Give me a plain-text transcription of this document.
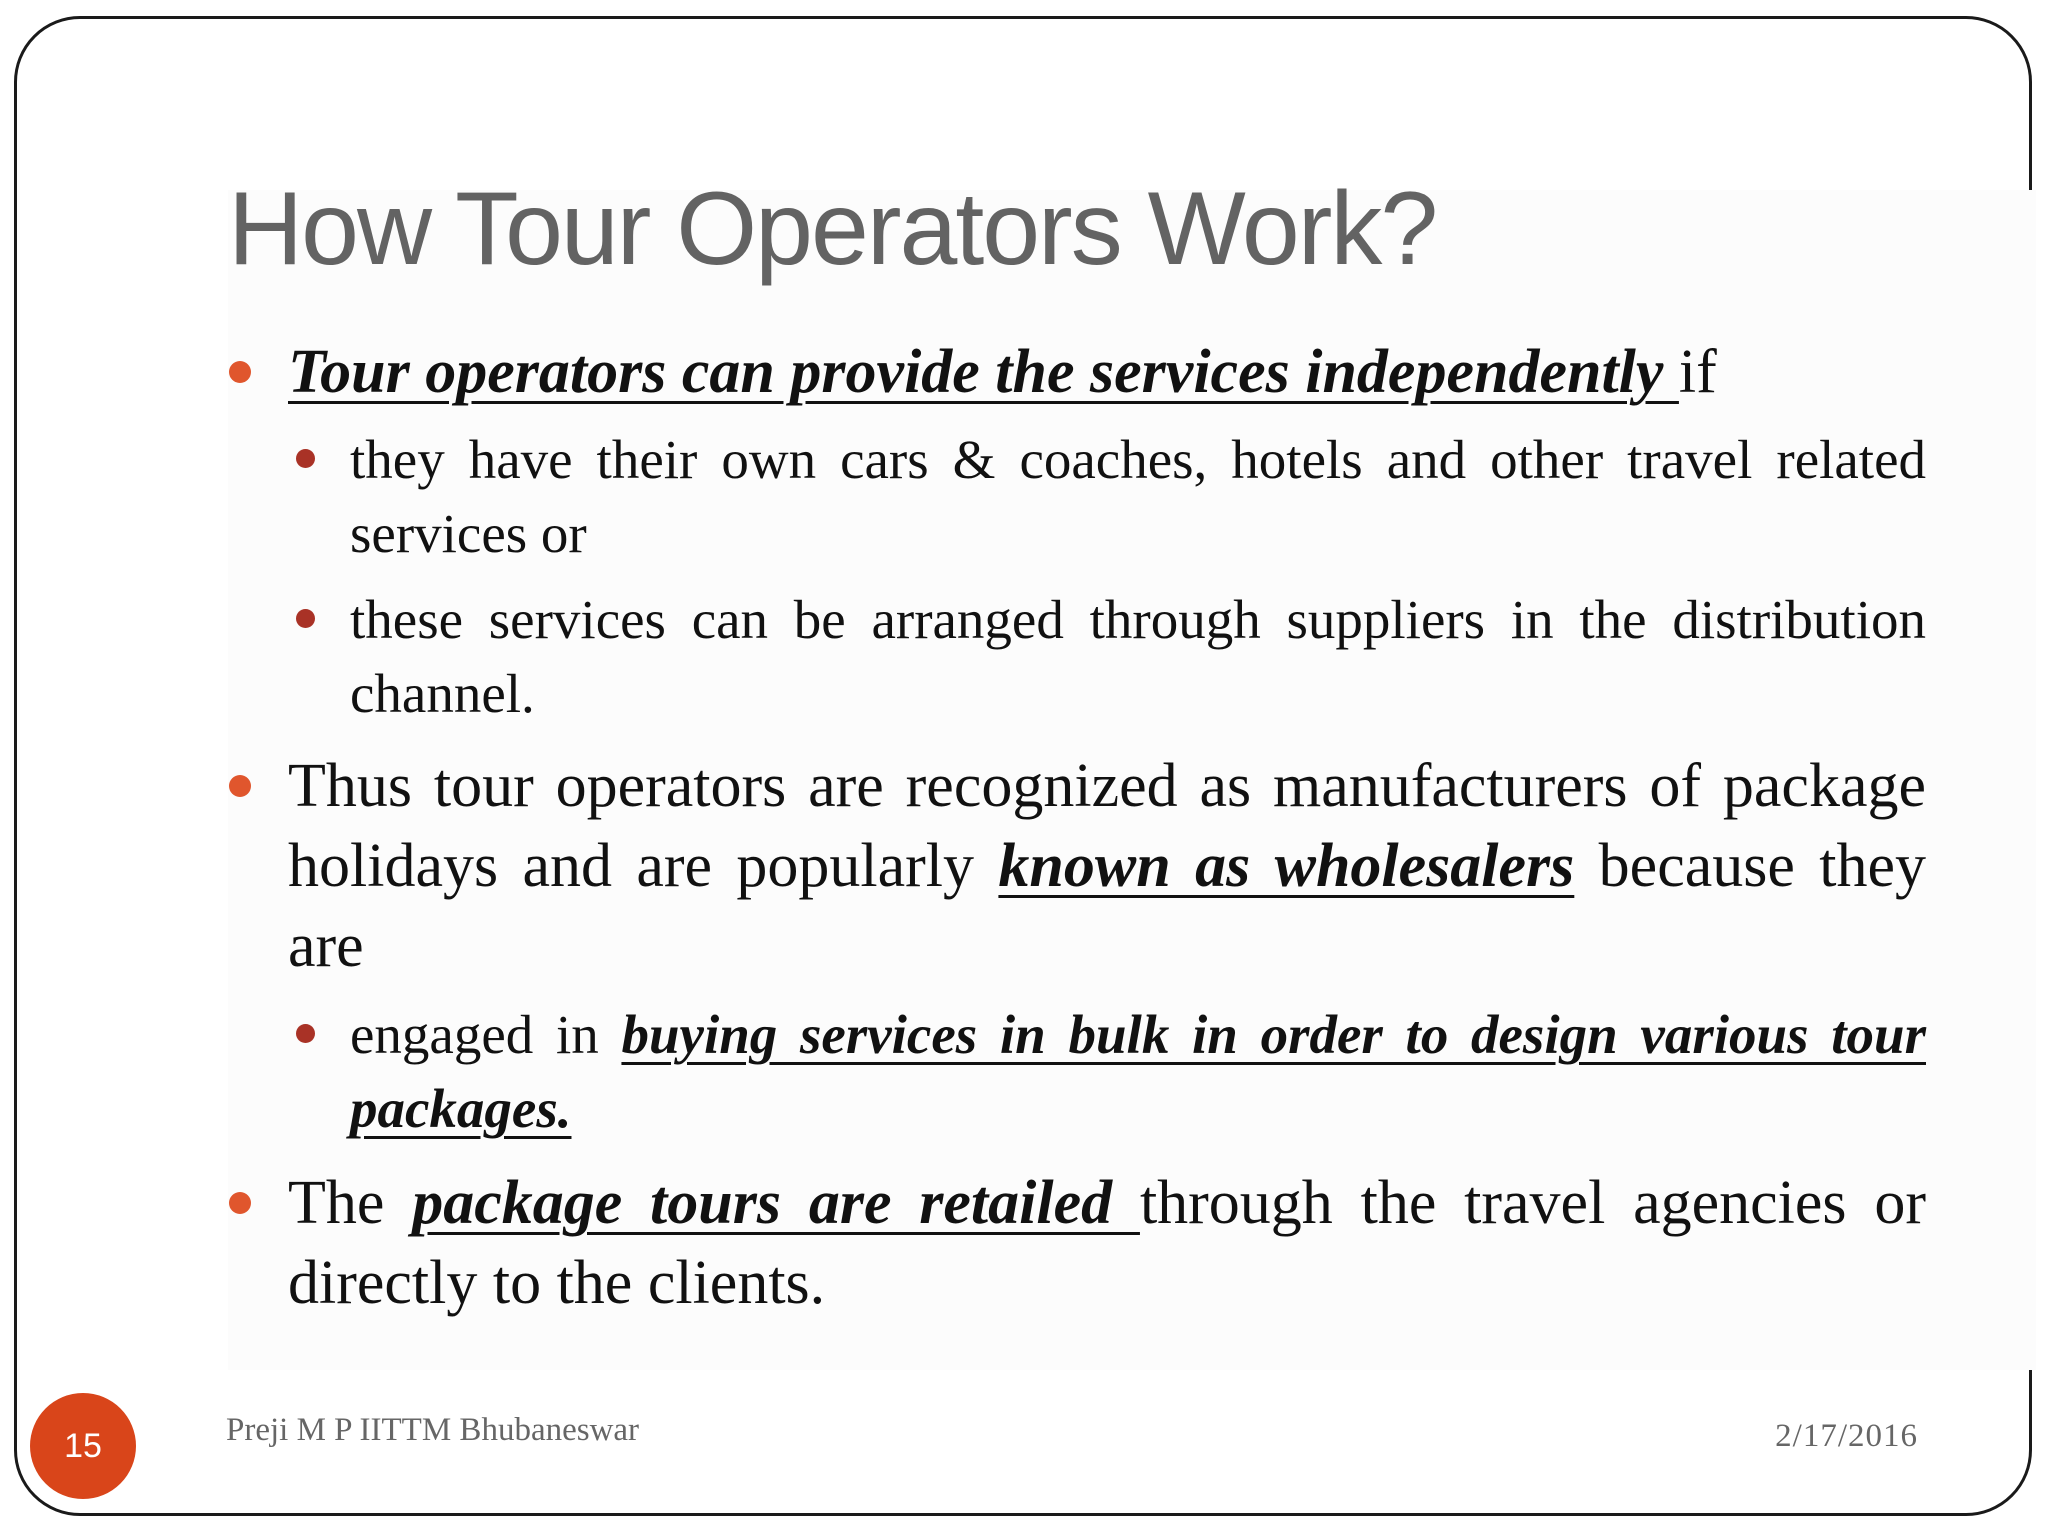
How Tour Operators Work?
Tour operators can provide the services independently if
they have their own cars & coaches, hotels and other travel related services or
these services can be arranged through suppliers in the distribution channel.
Thus tour operators are recognized as manufacturers of package holidays and are popularly known as wholesalers because they are
engaged in buying services in bulk in order to design various tour packages.
The package tours are retailed through the travel agencies or directly to the clients.
15	Preji M P IITTM Bhubaneswar	2/17/2016
